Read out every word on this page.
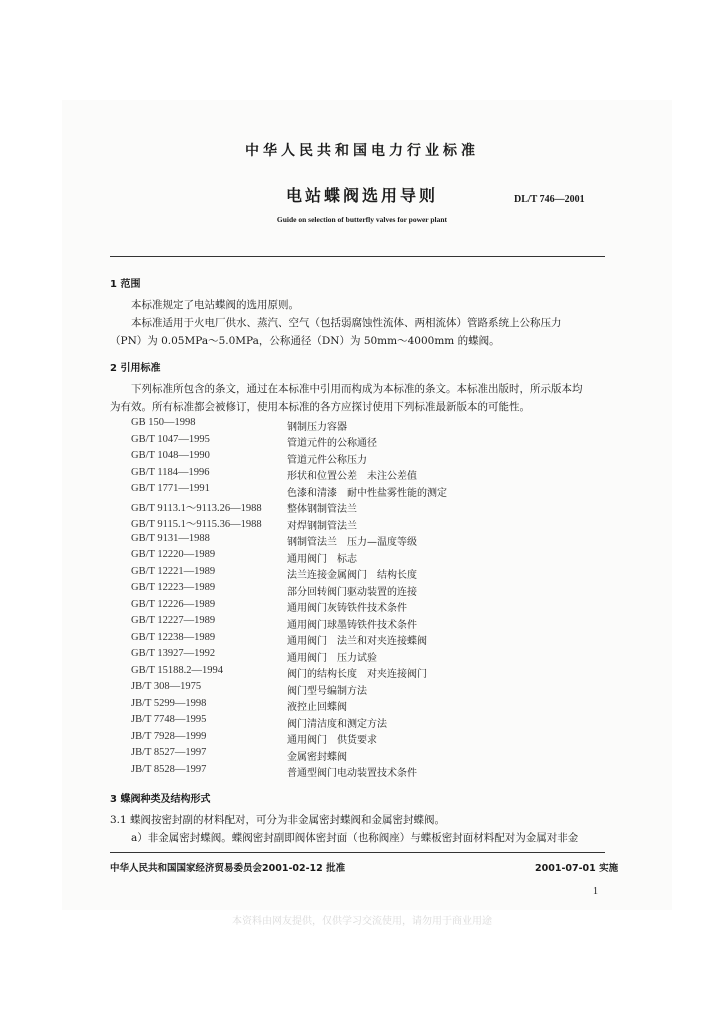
中华人民共和国电力行业标准
电站蝶阀选用导则	DL/T 746—2001
Guide on selection of butterfly valves for power plant
1 范围
本标准规定了电站蝶阀的选用原则。
本标准适用于火电厂供水、蒸汽、空气（包括弱腐蚀性流体、两相流体）管路系统上公称压力
（PN）为 0.05MPa～5.0MPa，公称通径（DN）为 50mm～4000mm 的蝶阀。
2 引用标准
下列标准所包含的条文，通过在本标准中引用而构成为本标准的条文。本标准出版时，所示版本均
为有效。所有标准都会被修订，使用本标准的各方应探讨使用下列标准最新版本的可能性。
GB 150—1998	钢制压力容器
GB/T 1047—1995	管道元件的公称通径
GB/T 1048—1990	管道元件公称压力
GB/T 1184—1996	形状和位置公差　未注公差值
GB/T 1771—1991	色漆和清漆　耐中性盐雾性能的测定
GB/T 9113.1～9113.26—1988	整体钢制管法兰
GB/T 9115.1～9115.36—1988	对焊钢制管法兰
GB/T 9131—1988	钢制管法兰　压力—温度等级
GB/T 12220—1989	通用阀门　标志
GB/T 12221—1989	法兰连接金属阀门　结构长度
GB/T 12223—1989	部分回转阀门驱动装置的连接
GB/T 12226—1989	通用阀门灰铸铁件技术条件
GB/T 12227—1989	通用阀门球墨铸铁件技术条件
GB/T 12238—1989	通用阀门　法兰和对夹连接蝶阀
GB/T 13927—1992	通用阀门　压力试验
GB/T 15188.2—1994	阀门的结构长度　对夹连接阀门
JB/T 308—1975	阀门型号编制方法
JB/T 5299—1998	液控止回蝶阀
JB/T 7748—1995	阀门清洁度和测定方法
JB/T 7928—1999	通用阀门　供货要求
JB/T 8527—1997	金属密封蝶阀
JB/T 8528—1997	普通型阀门电动装置技术条件
3 蝶阀种类及结构形式
3.1 蝶阀按密封副的材料配对，可分为非金属密封蝶阀和金属密封蝶阀。
a）非金属密封蝶阀。蝶阀密封副即阀体密封面（也称阀座）与蝶板密封面材料配对为金属对非金
中华人民共和国国家经济贸易委员会2001-02-12 批准	2001-07-01 实施
1
本资料由网友提供，仅供学习交流使用，请勿用于商业用途
